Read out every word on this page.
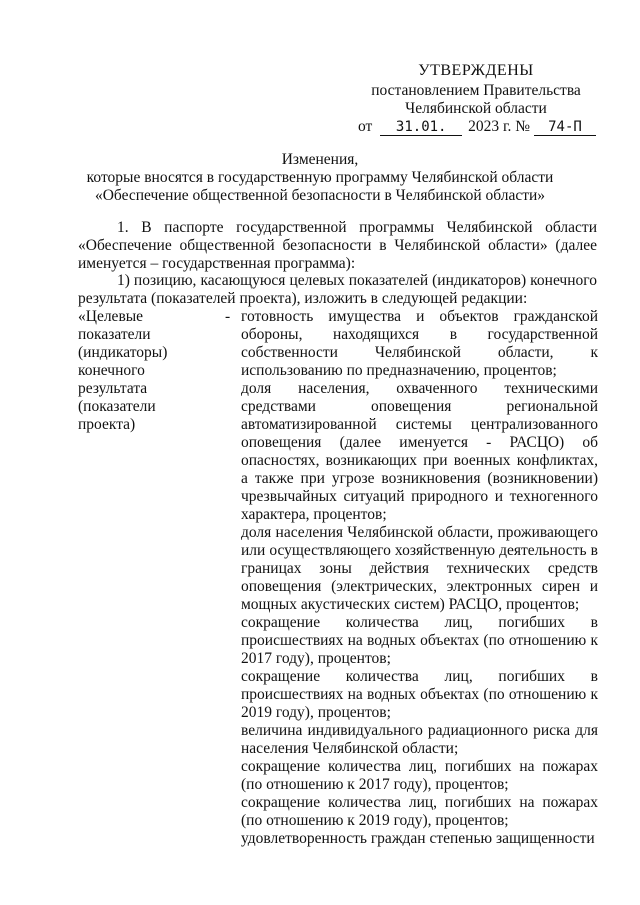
УТВЕРЖДЕНЫ

постановлением Правительства

Челябинской области

от 31.01. 2023 г. № 74-П

Изменения,

которые вносятся в государственную программу Челябинской области

«Обеспечение общественной безопасности в Челябинской области»

1. В паспорте государственной программы Челябинской области «Обеспечение общественной безопасности в Челябинской области» (далее именуется – государственная программа):

1) позицию, касающуюся целевых показателей (индикаторов) конечного результата (показателей проекта), изложить в следующей редакции:

«Целевые
показатели
(индикаторы)
конечного
результата
(показатели
проекта)
- готовность имущества и объектов гражданской обороны, находящихся в государственной собственности Челябинской области, к использованию по предназначению, процентов;

доля населения, охваченного техническими средствами оповещения региональной автоматизированной системы централизованного оповещения (далее именуется - РАСЦО) об опасностях, возникающих при военных конфликтах, а также при угрозе возникновения (возникновении) чрезвычайных ситуаций природного и техногенного характера, процентов;

доля населения Челябинской области, проживающего или осуществляющего хозяйственную деятельность в границах зоны действия технических средств оповещения (электрических, электронных сирен и мощных акустических систем) РАСЦО, процентов;

сокращение количества лиц, погибших в происшествиях на водных объектах (по отношению к 2017 году), процентов;

сокращение количества лиц, погибших в происшествиях на водных объектах (по отношению к 2019 году), процентов;

величина индивидуального радиационного риска для населения Челябинской области;

сокращение количества лиц, погибших на пожарах (по отношению к 2017 году), процентов;

сокращение количества лиц, погибших на пожарах (по отношению к 2019 году), процентов;

удовлетворенность граждан степенью защищенности
